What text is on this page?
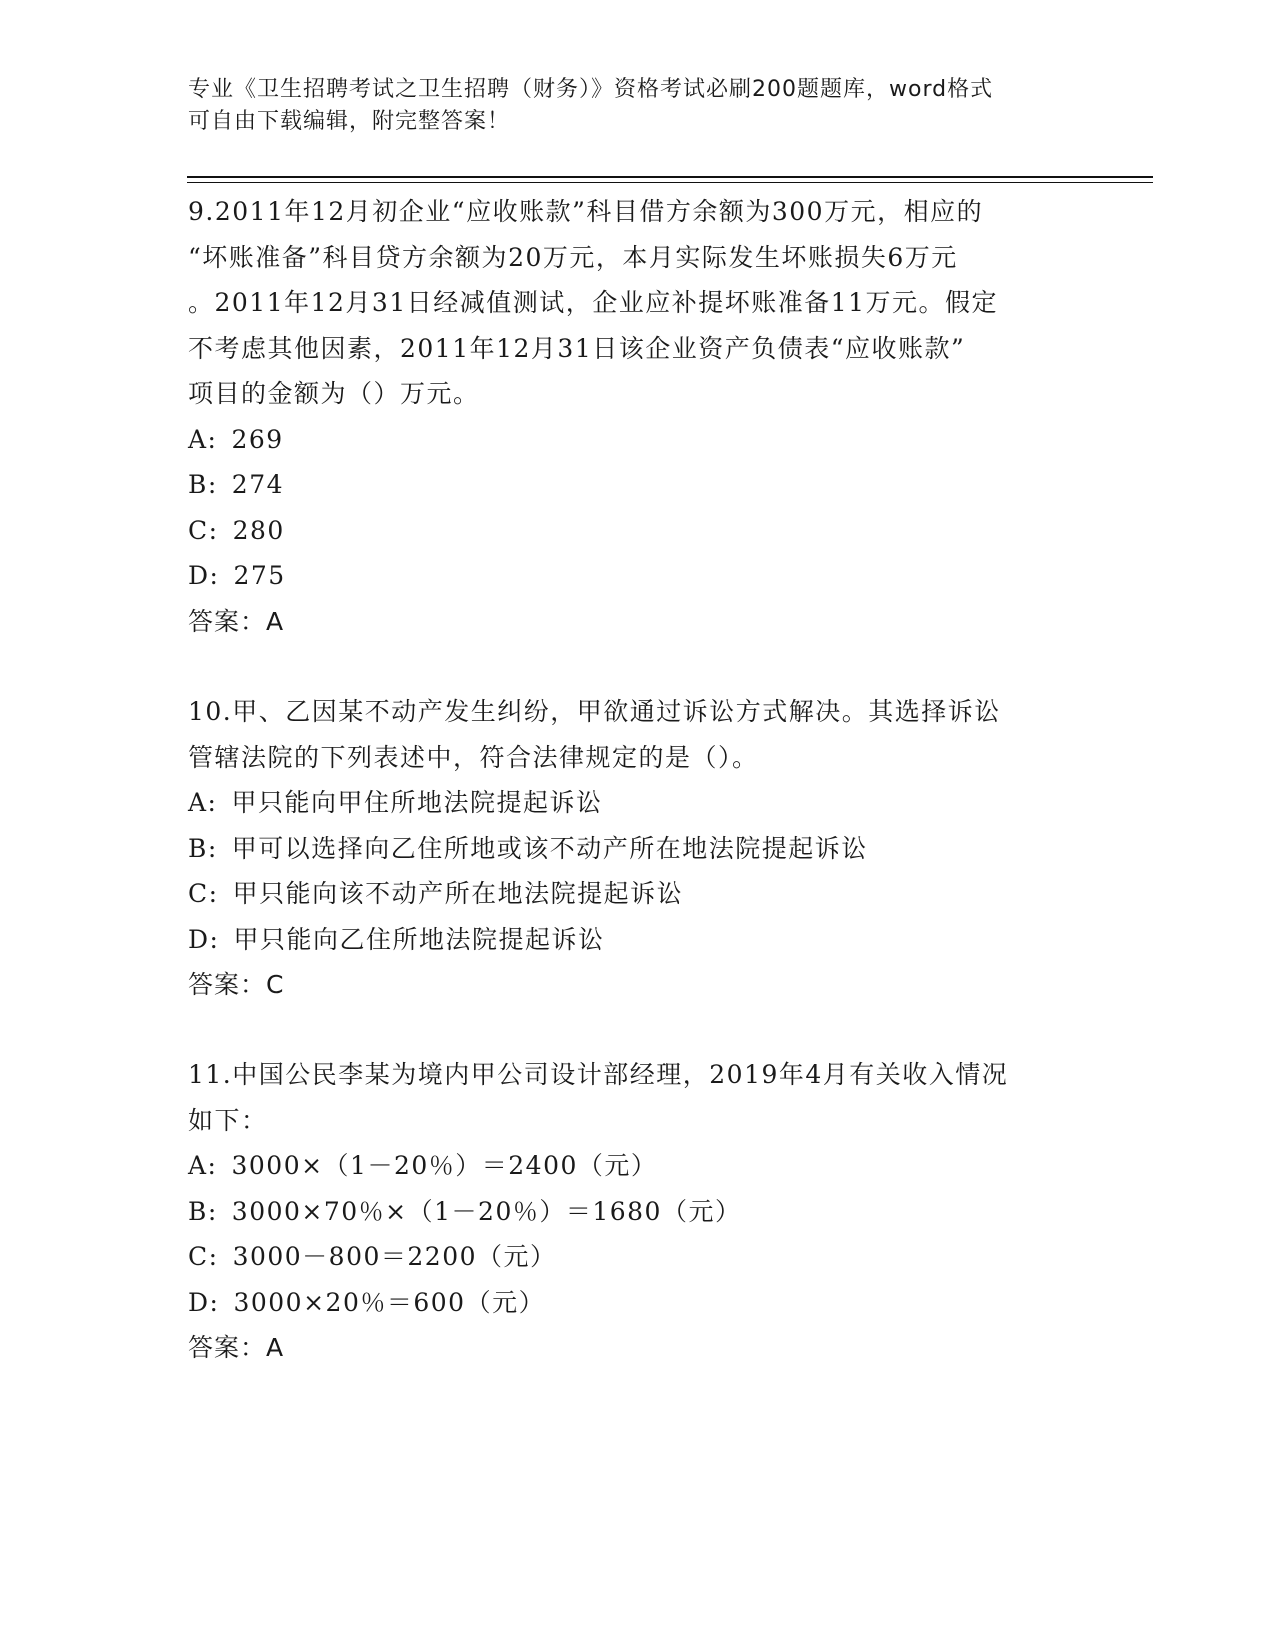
专业《卫生招聘考试之卫生招聘（财务）》资格考试必刷200题题库，word格式
可自由下载编辑，附完整答案！
9.2011年12月初企业“应收账款”科目借方余额为300万元，相应的
“坏账准备”科目贷方余额为20万元，本月实际发生坏账损失6万元
。2011年12月31日经减值测试，企业应补提坏账准备11万元。假定
不考虑其他因素，2011年12月31日该企业资产负债表“应收账款”
项目的金额为（）万元。
A: 269
B: 274
C: 280
D: 275
答案：A
10.甲、乙因某不动产发生纠纷，甲欲通过诉讼方式解决。其选择诉讼
管辖法院的下列表述中，符合法律规定的是（）。
A: 甲只能向甲住所地法院提起诉讼
B: 甲可以选择向乙住所地或该不动产所在地法院提起诉讼
C: 甲只能向该不动产所在地法院提起诉讼
D: 甲只能向乙住所地法院提起诉讼
答案：C
11.中国公民李某为境内甲公司设计部经理，2019年4月有关收入情况
如下：
A: 3000×（1－20％）＝2400（元）
B: 3000×70％×（1－20％）＝1680（元）
C: 3000－800＝2200（元）
D: 3000×20％＝600（元）
答案：A
